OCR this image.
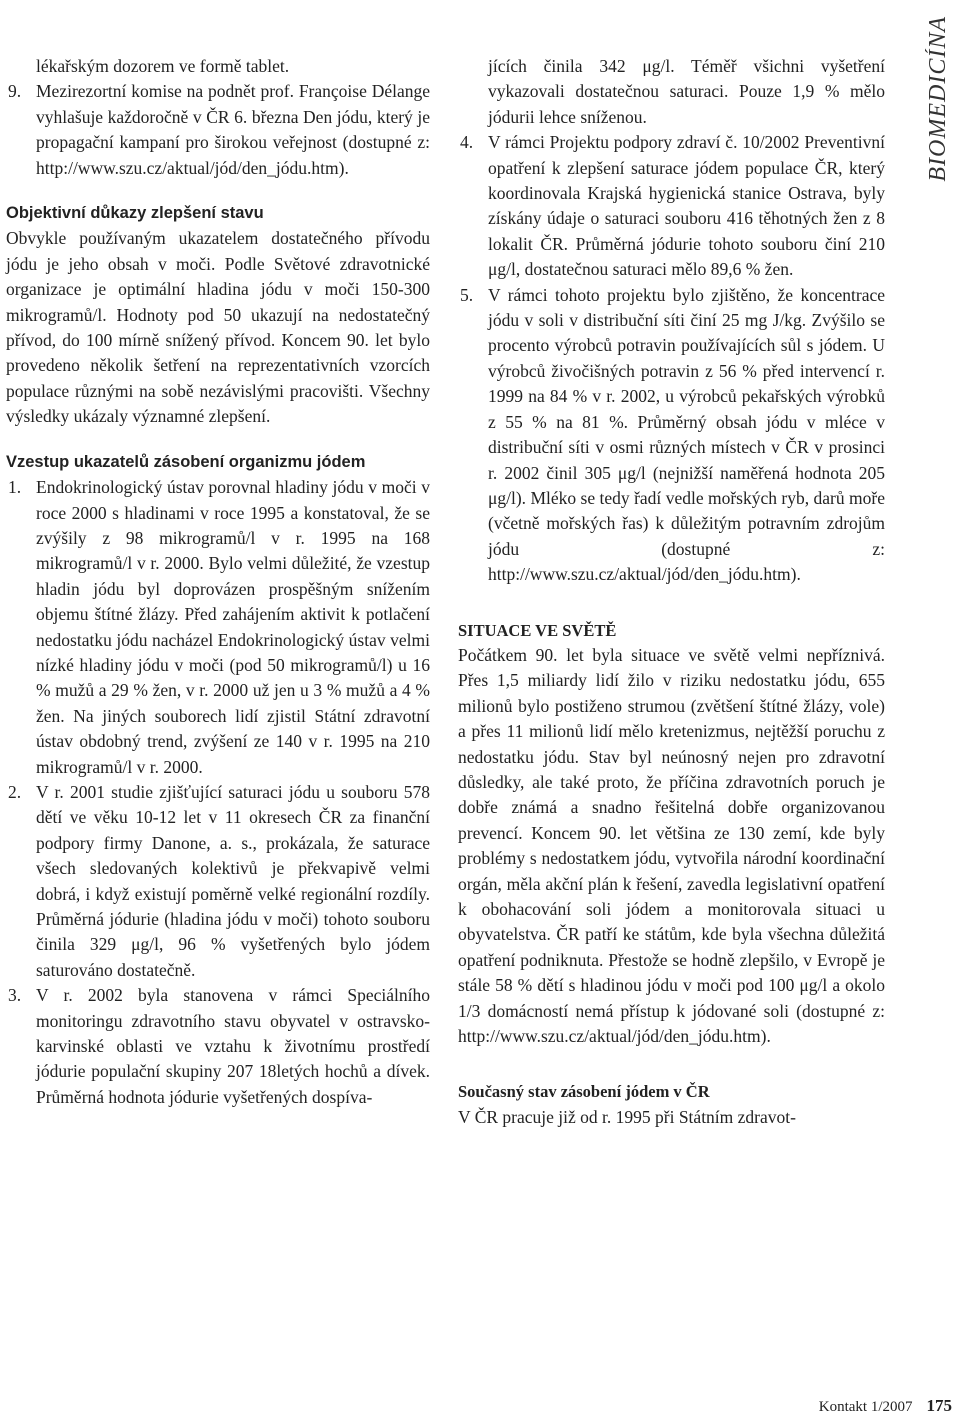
BIOMEDICÍNA
lékařským dozorem ve formě tablet.
9. Mezirezortní komise na podnět prof. Françoise Délange vyhlašuje každoročně v ČR 6. března Den jódu, který je propagační kampaní pro širokou veřejnost (dostupné z: http://www.szu.cz/aktual/jód/den_jódu.htm).
Objektivní důkazy zlepšení stavu

Obvykle používaným ukazatelem dostatečného přívodu jódu je jeho obsah v moči. Podle Světové zdravotnické organizace je optimální hladina jódu v moči 150-300 mikrogramů/l. Hodnoty pod 50 ukazují na nedostatečný přívod, do 100 mírně snížený přívod. Koncem 90. let bylo provedeno několik šetření na reprezentativních vzorcích populace různými na sobě nezávislými pracovišti. Všechny výsledky ukázaly významné zlepšení.

Vzestup ukazatelů zásobení organizmu jódem
1. Endokrinologický ústav porovnal hladiny jódu v moči v roce 2000 s hladinami v roce 1995 a konstatoval, že se zvýšily z 98 mikrogramů/l v r. 1995 na 168 mikrogramů/l v r. 2000. Bylo velmi důležité, že vzestup hladin jódu byl doprovázen prospěšným snížením objemu štítné žlázy. Před zahájením aktivit k potlačení nedostatku jódu nacházel Endokrinologický ústav velmi nízké hladiny jódu v moči (pod 50 mikrogramů/l) u 16 % mužů a 29 % žen, v r. 2000 už jen u 3 % mužů a 4 % žen. Na jiných souborech lidí zjistil Státní zdravotní ústav obdobný trend, zvýšení ze 140 v r. 1995 na 210 mikrogramů/l v r. 2000.
2. V r. 2001 studie zjišťující saturaci jódu u souboru 578 dětí ve věku 10-12 let v 11 okresech ČR za finanční podpory firmy Danone, a. s., prokázala, že saturace všech sledovaných kolektivů je překvapivě velmi dobrá, i když existují poměrně velké regionální rozdíly. Průměrná jódurie (hladina jódu v moči) tohoto souboru činila 329 μg/l, 96 % vyšetřených bylo jódem saturováno dostatečně.
3. V r. 2002 byla stanovena v rámci Speciálního monitoringu zdravotního stavu obyvatel v ostravsko-karvinské oblasti ve vztahu k životnímu prostředí jódurie populační skupiny 207 18letých hochů a dívek. Průměrná hodnota jódurie vyšetřených dospíva-
jících činila 342 μg/l. Téměř všichni vyšetření vykazovali dostatečnou saturaci. Pouze 1,9 % mělo jódurii lehce sníženou.
4. V rámci Projektu podpory zdraví č. 10/2002 Preventivní opatření k zlepšení saturace jódem populace ČR, který koordinovala Krajská hygienická stanice Ostrava, byly získány údaje o saturaci souboru 416 těhotných žen z 8 lokalit ČR. Průměrná jódurie tohoto souboru činí 210 μg/l, dostatečnou saturaci mělo 89,6 % žen.
5. V rámci tohoto projektu bylo zjištěno, že koncentrace jódu v soli v distribuční síti činí 25 mg J/kg. Zvýšilo se procento výrobců potravin používajících sůl s jódem. U výrobců živočišných potravin z 56 % před intervencí r. 1999 na 84 % v r. 2002, u výrobců pekařských výrobků z 55 % na 81 %. Průměrný obsah jódu v mléce v distribuční síti v osmi různých místech v ČR v prosinci r. 2002 činil 305 μg/l (nejnižší naměřená hodnota 205 μg/l). Mléko se tedy řadí vedle mořských ryb, darů moře (včetně mořských řas) k důležitým potravním zdrojům jódu (dostupné z: http://www.szu.cz/aktual/jód/den_jódu.htm).
SITUACE VE SVĚTĚ

Počátkem 90. let byla situace ve světě velmi nepříznivá. Přes 1,5 miliardy lidí žilo v riziku nedostatku jódu, 655 milionů bylo postiženo strumou (zvětšení štítné žlázy, vole) a přes 11 milionů lidí mělo kretenizmus, nejtěžší poruchu z nedostatku jódu. Stav byl neúnosný nejen pro zdravotní důsledky, ale také proto, že příčina zdravotních poruch je dobře známá a snadno řešitelná dobře organizovanou prevencí. Koncem 90. let většina ze 130 zemí, kde byly problémy s nedostatkem jódu, vytvořila národní koordinační orgán, měla akční plán k řešení, zavedla legislativní opatření k obohacování soli jódem a monitorovala situaci u obyvatelstva. ČR patří ke státům, kde byla všechna důležitá opatření podniknuta. Přestože se hodně zlepšilo, v Evropě je stále 58 % dětí s hladinou jódu v moči pod 100 μg/l a okolo 1/3 domácností nemá přístup k jódované soli (dostupné z: http://www.szu.cz/aktual/jód/den_jódu.htm).

Současný stav zásobení jódem v ČR

V ČR pracuje již od r. 1995 při Státním zdravot-

Kontakt 1/2007 175
